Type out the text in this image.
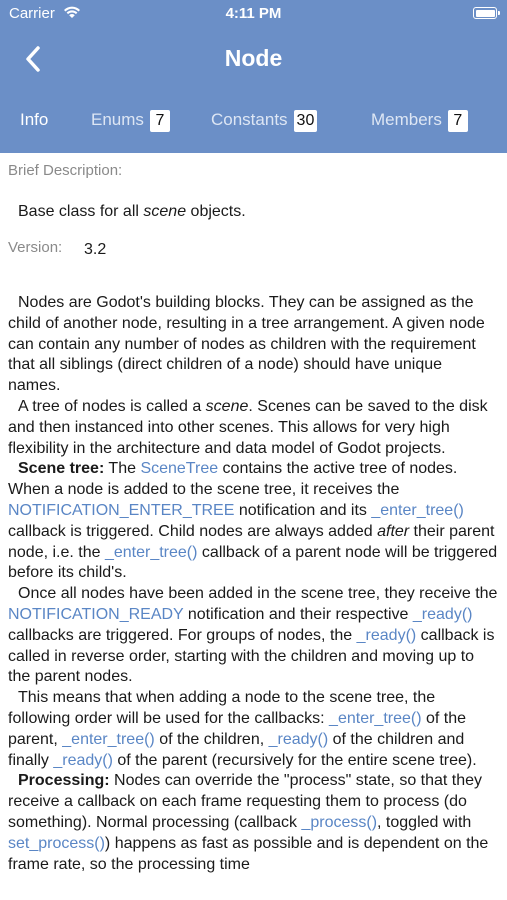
Carrier	4:11 PM
Node
Info	Enums 7	Constants 30	Members 7
Brief Description:
Base class for all scene objects.
Version: 3.2

Nodes are Godot's building blocks. They can be assigned as the child of another node, resulting in a tree arrangement. A given node can contain any number of nodes as children with the requirement that all siblings (direct children of a node) should have unique names.

A tree of nodes is called a scene. Scenes can be saved to the disk and then instanced into other scenes. This allows for very high flexibility in the architecture and data model of Godot projects.

Scene tree: The SceneTree contains the active tree of nodes. When a node is added to the scene tree, it receives the NOTIFICATION_ENTER_TREE notification and its _enter_tree() callback is triggered. Child nodes are always added after their parent node, i.e. the _enter_tree() callback of a parent node will be triggered before its child's.

Once all nodes have been added in the scene tree, they receive the NOTIFICATION_READY notification and their respective _ready() callbacks are triggered. For groups of nodes, the _ready() callback is called in reverse order, starting with the children and moving up to the parent nodes.

This means that when adding a node to the scene tree, the following order will be used for the callbacks: _enter_tree() of the parent, _enter_tree() of the children, _ready() of the children and finally _ready() of the parent (recursively for the entire scene tree).

Processing: Nodes can override the "process" state, so that they receive a callback on each frame requesting them to process (do something). Normal processing (callback _process(), toggled with set_process()) happens as fast as possible and is dependent on the frame rate, so the processing time
